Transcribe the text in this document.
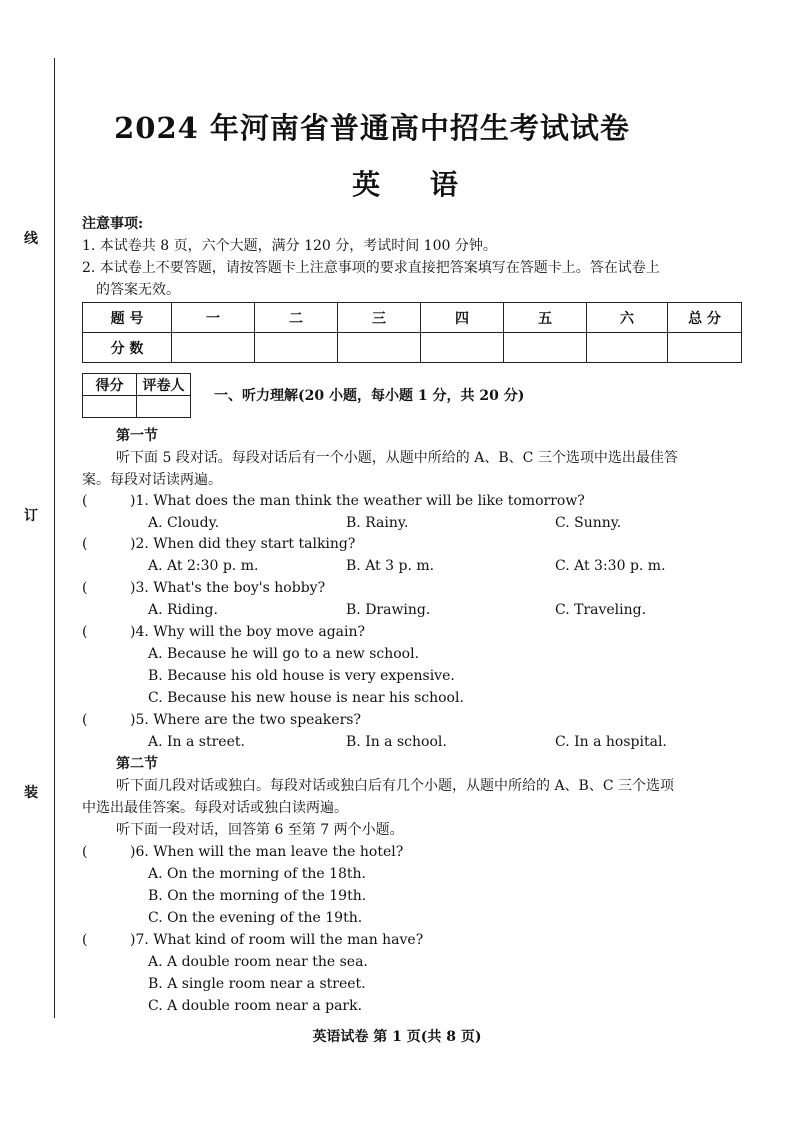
线
订
装
2024 年河南省普通高中招生考试试卷
英 语
注意事项:
1. 本试卷共 8 页，六个大题，满分 120 分，考试时间 100 分钟。
2. 本试卷上不要答题，请按答题卡上注意事项的要求直接把答案填写在答题卡上。答在试卷上
的答案无效。
题 号	一	二	三	四	五	六	总 分
分 数							
得分	评卷人

一、听力理解(20 小题，每小题 1 分，共 20 分)
第一节
听下面 5 段对话。每段对话后有一个小题，从题中所给的 A、B、C 三个选项中选出最佳答
案。每段对话读两遍。
(	)1. What does the man think the weather will be like tomorrow?
A. Cloudy.	B. Rainy.	C. Sunny.
(	)2. When did they start talking?
A. At 2:30 p. m.	B. At 3 p. m.	C. At 3:30 p. m.
(	)3. What's the boy's hobby?
A. Riding.	B. Drawing.	C. Traveling.
(	)4. Why will the boy move again?
A. Because he will go to a new school.
B. Because his old house is very expensive.
C. Because his new house is near his school.
(	)5. Where are the two speakers?
A. In a street.	B. In a school.	C. In a hospital.
第二节
听下面几段对话或独白。每段对话或独白后有几个小题，从题中所给的 A、B、C 三个选项
中选出最佳答案。每段对话或独白读两遍。
听下面一段对话，回答第 6 至第 7 两个小题。
(	)6. When will the man leave the hotel?
A. On the morning of the 18th.
B. On the morning of the 19th.
C. On the evening of the 19th.
(	)7. What kind of room will the man have?
A. A double room near the sea.
B. A single room near a street.
C. A double room near a park.
英语试卷 第 1 页(共 8 页)
